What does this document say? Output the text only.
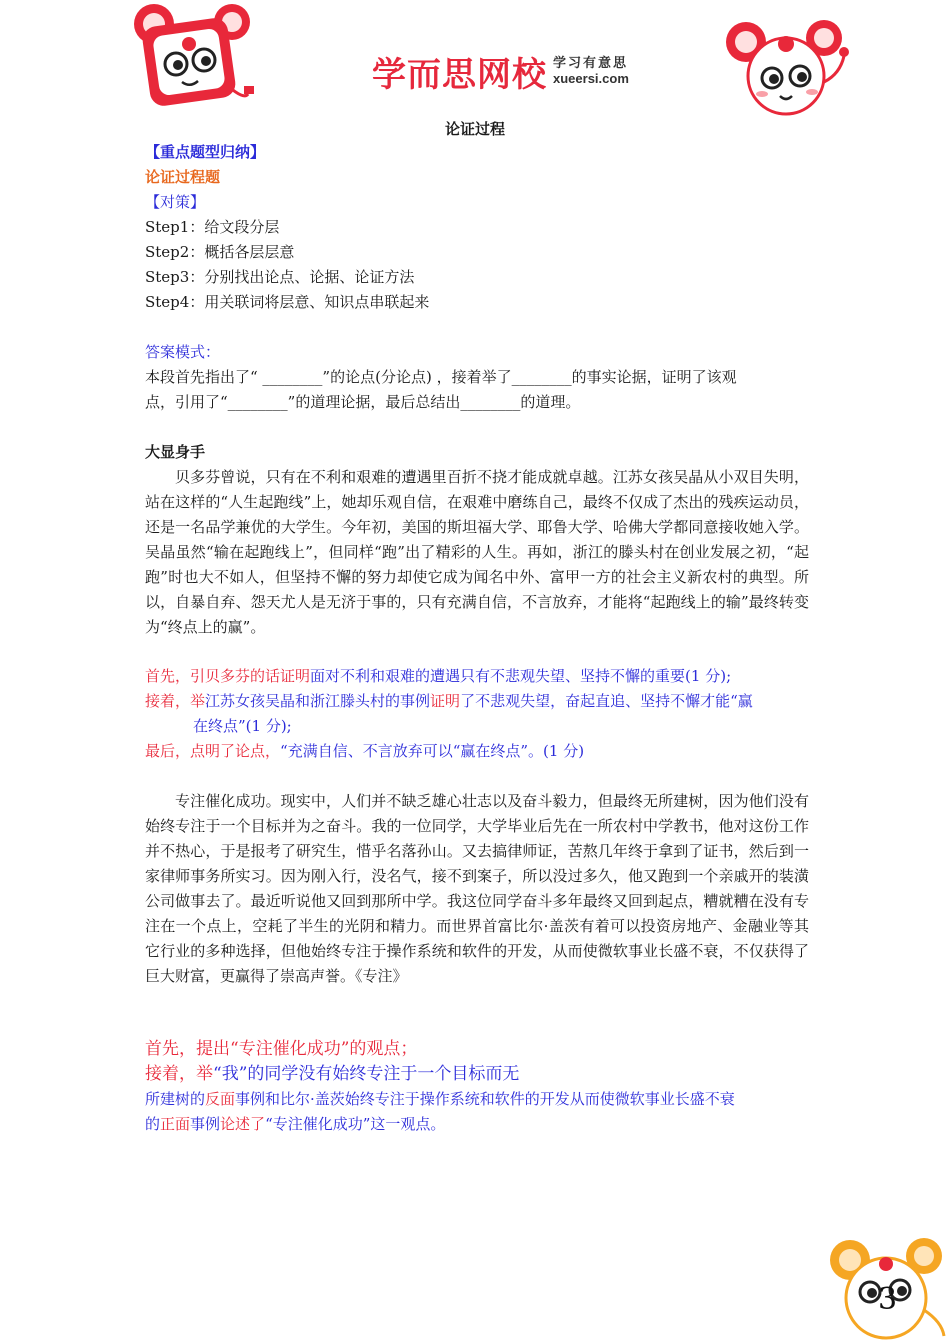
学而思网校 学习有意思
xueersi.com
论证过程
【重点题型归纳】
论证过程题
【对策】
Step1：给文段分层
Step2：概括各层层意
Step3：分别找出论点、论据、论证方法
Step4：用关联词将层意、知识点串联起来
答案模式：
本段首先指出了“ ________”的论点(分论点) ，接着举了________的事实论据，证明了该观
点，引用了“________”的道理论据，最后总结出________的道理。
大显身手

贝多芬曾说，只有在不利和艰难的遭遇里百折不挠才能成就卓越。江苏女孩吴晶从小双目失明，站在这样的“人生起跑线”上，她却乐观自信，在艰难中磨练自己，最终不仅成了杰出的残疾运动员，还是一名品学兼优的大学生。今年初，美国的斯坦福大学、耶鲁大学、哈佛大学都同意接收她入学。吴晶虽然“输在起跑线上”，但同样“跑”出了精彩的人生。再如，浙江的滕头村在创业发展之初，“起跑”时也大不如人，但坚持不懈的努力却使它成为闻名中外、富甲一方的社会主义新农村的典型。所以，自暴自弃、怨天尤人是无济于事的，只有充满自信，不言放弃，才能将“起跑线上的输”最终转变为“终点上的赢”。

首先，引贝多芬的话证明面对不利和艰难的遭遇只有不悲观失望、坚持不懈的重要(1 分);
接着，举江苏女孩吴晶和浙江滕头村的事例证明了不悲观失望，奋起直追、坚持不懈才能“赢
在终点”(1 分);
最后，点明了论点，“充满自信、不言放弃可以“赢在终点”。(1 分)

专注催化成功。现实中，人们并不缺乏雄心壮志以及奋斗毅力，但最终无所建树，因为他们没有始终专注于一个目标并为之奋斗。我的一位同学，大学毕业后先在一所农村中学教书，他对这份工作并不热心，于是报考了研究生，惜乎名落孙山。又去搞律师证，苦熬几年终于拿到了证书，然后到一家律师事务所实习。因为刚入行，没名气，接不到案子，所以没过多久，他又跑到一个亲戚开的装潢公司做事去了。最近听说他又回到那所中学。我这位同学奋斗多年最终又回到起点，糟就糟在没有专注在一个点上，空耗了半生的光阴和精力。而世界首富比尔·盖茨有着可以投资房地产、金融业等其它行业的多种选择，但他始终专注于操作系统和软件的开发，从而使微软事业长盛不衰，不仅获得了巨大财富，更赢得了崇高声誉。《专注》

首先，提出“专注催化成功”的观点；
接着，举“我”的同学没有始终专注于一个目标而无
所建树的反面事例和比尔·盖茨始终专注于操作系统和软件的开发从而使微软事业长盛不衰
的正面事例论述了“专注催化成功”这一观点。
3
